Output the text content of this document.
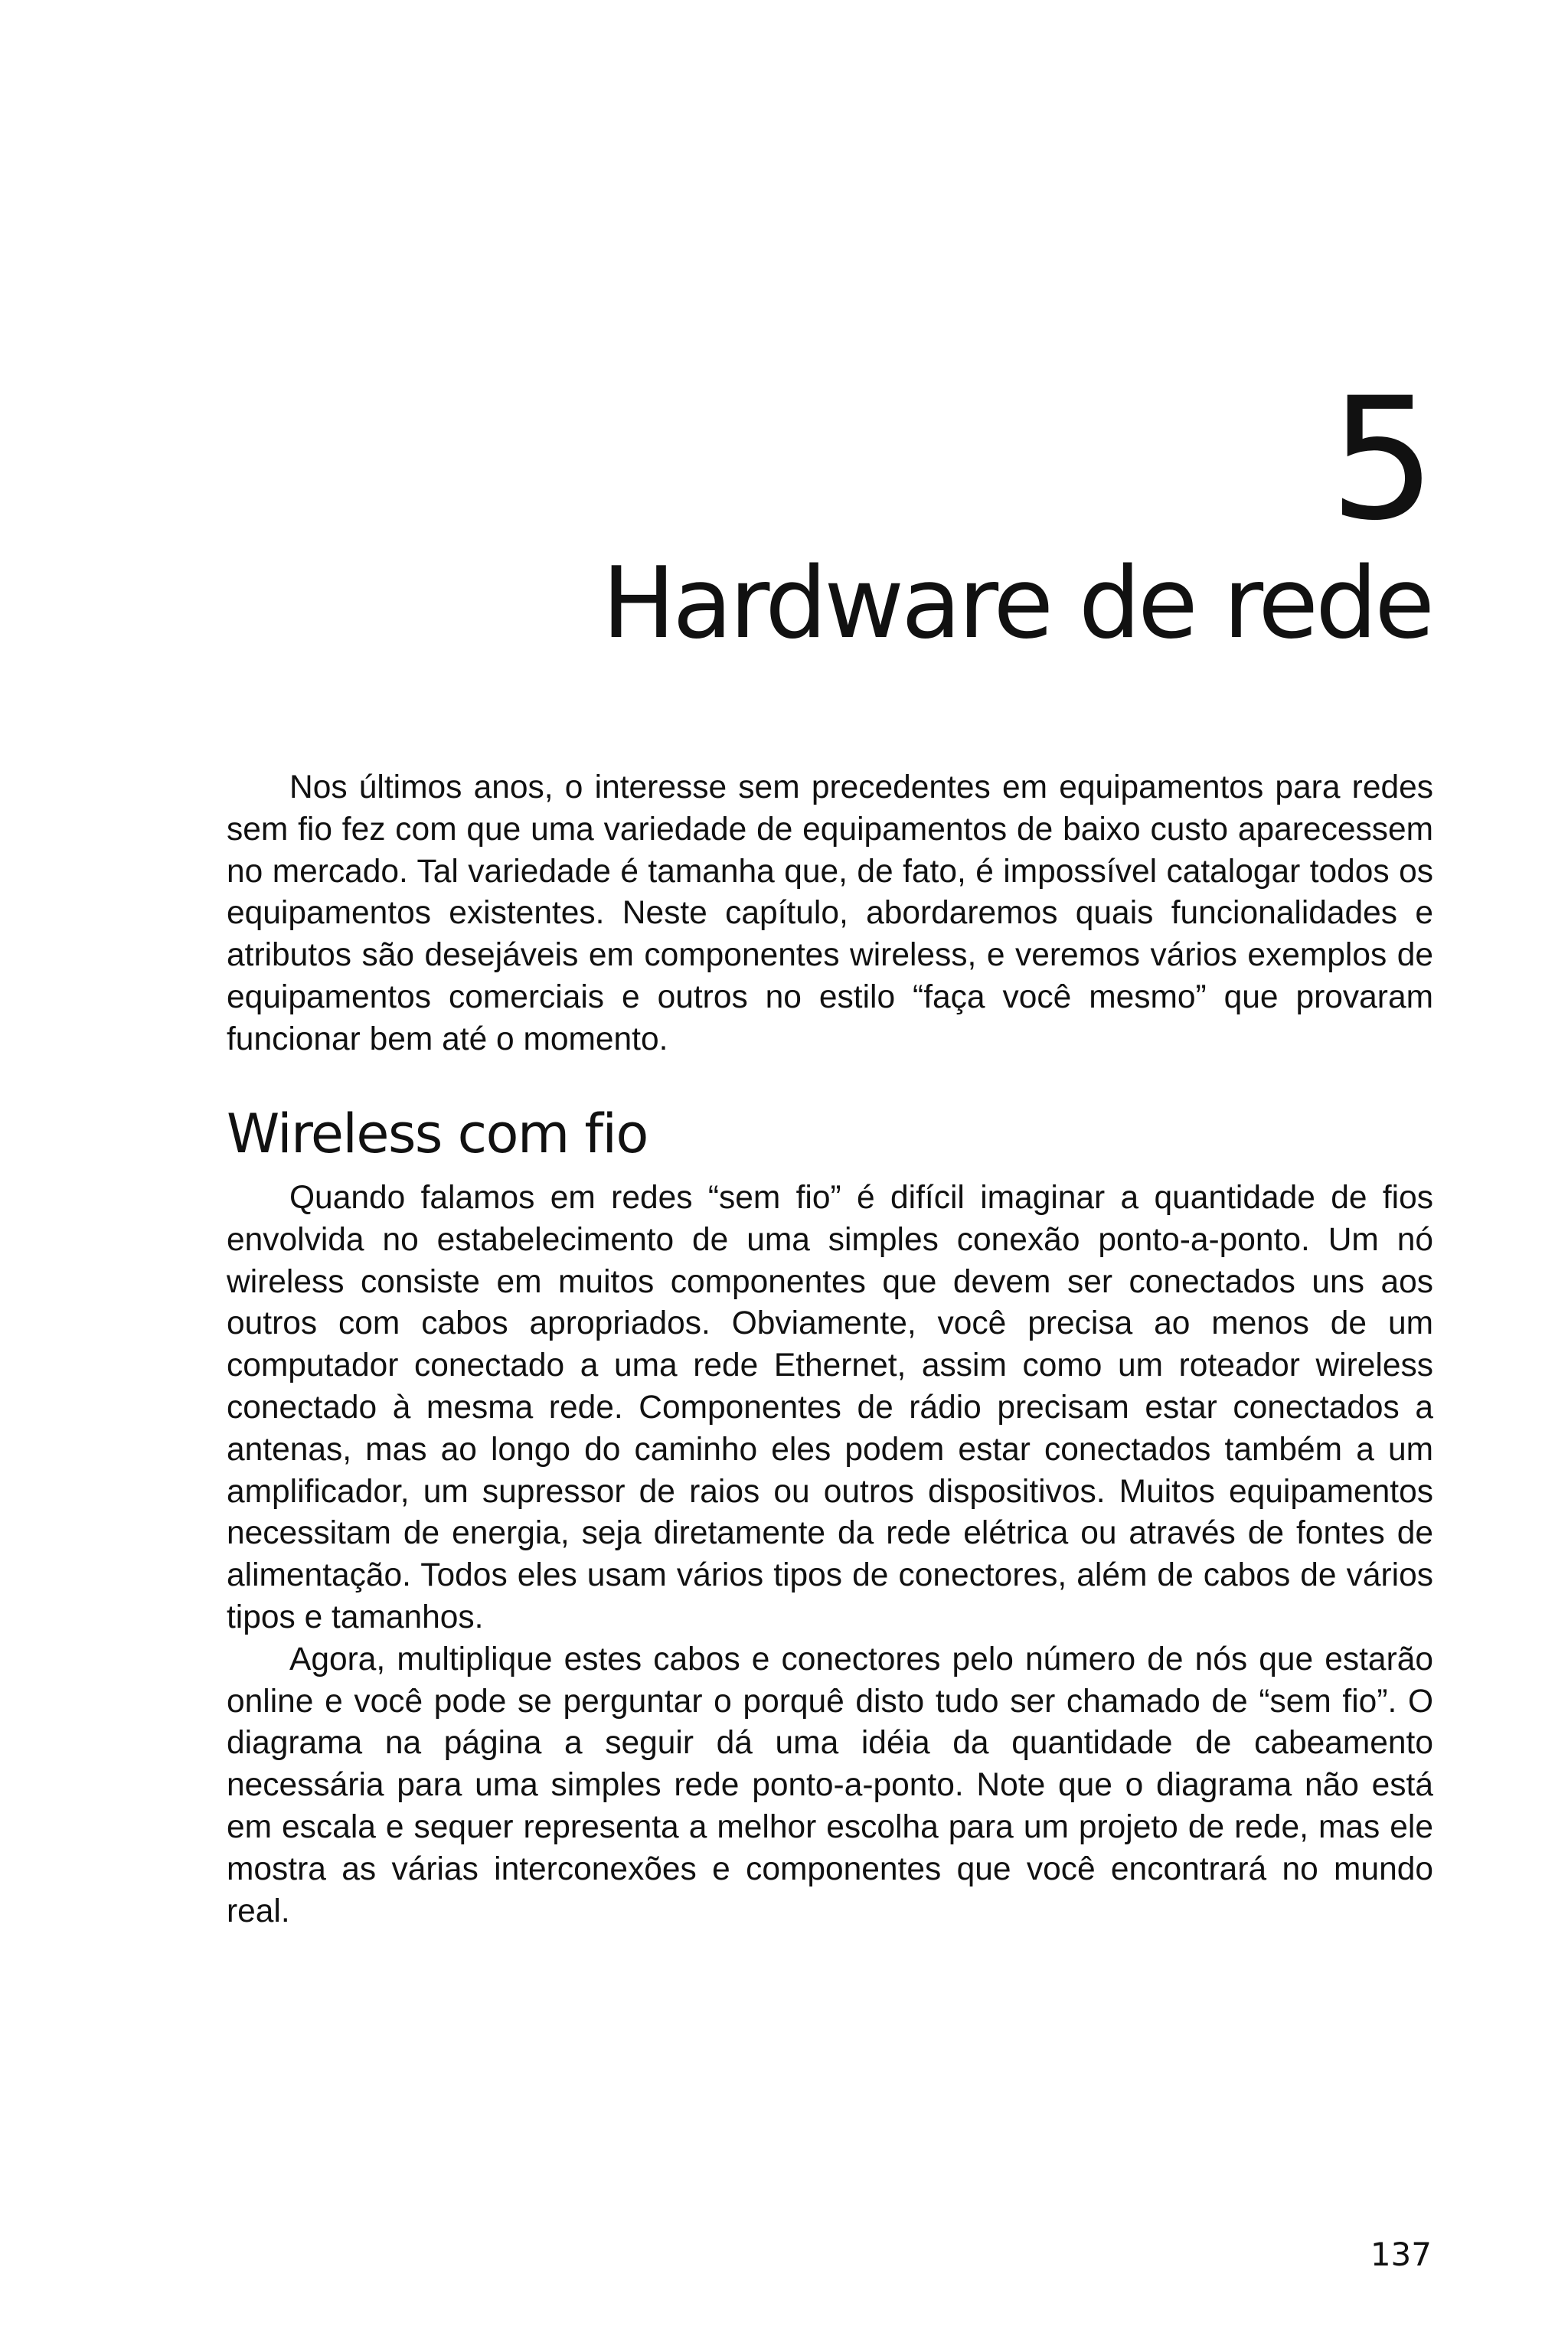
5
Hardware de rede

Nos últimos anos, o interesse sem precedentes em equipamentos para redes sem fio fez com que uma variedade de equipamentos de baixo custo aparecessem no mercado. Tal variedade é tamanha que, de fato, é impossível catalogar todos os equipamentos existentes. Neste capítulo, abordaremos quais funcionalidades e atributos são desejáveis em componentes wireless, e veremos vários exemplos de equipamentos comerciais e outros no estilo “faça você mesmo” que provaram funcionar bem até o momento.

Wireless com fio

Quando falamos em redes “sem fio” é difícil imaginar a quantidade de fios envolvida no estabelecimento de uma simples conexão ponto-a-ponto. Um nó wireless consiste em muitos componentes que devem ser conectados uns aos outros com cabos apropriados. Obviamente, você precisa ao menos de um computador conectado a uma rede Ethernet, assim como um roteador wireless conectado à mesma rede. Componentes de rádio precisam estar conectados a antenas, mas ao longo do caminho eles podem estar conectados também a um amplificador, um supressor de raios ou outros dispositivos. Muitos equipamentos necessitam de energia, seja diretamente da rede elétrica ou através de fontes de alimentação. Todos eles usam vários tipos de conectores, além de cabos de vários tipos e tamanhos.

Agora, multiplique estes cabos e conectores pelo número de nós que estarão online e você pode se perguntar o porquê disto tudo ser chamado de “sem fio”. O diagrama na página a seguir dá uma idéia da quantidade de cabeamento necessária para uma simples rede ponto-a-ponto. Note que o diagrama não está em escala e sequer representa a melhor escolha para um projeto de rede, mas ele mostra as várias interconexões e componentes que você encontrará no mundo real.

137
